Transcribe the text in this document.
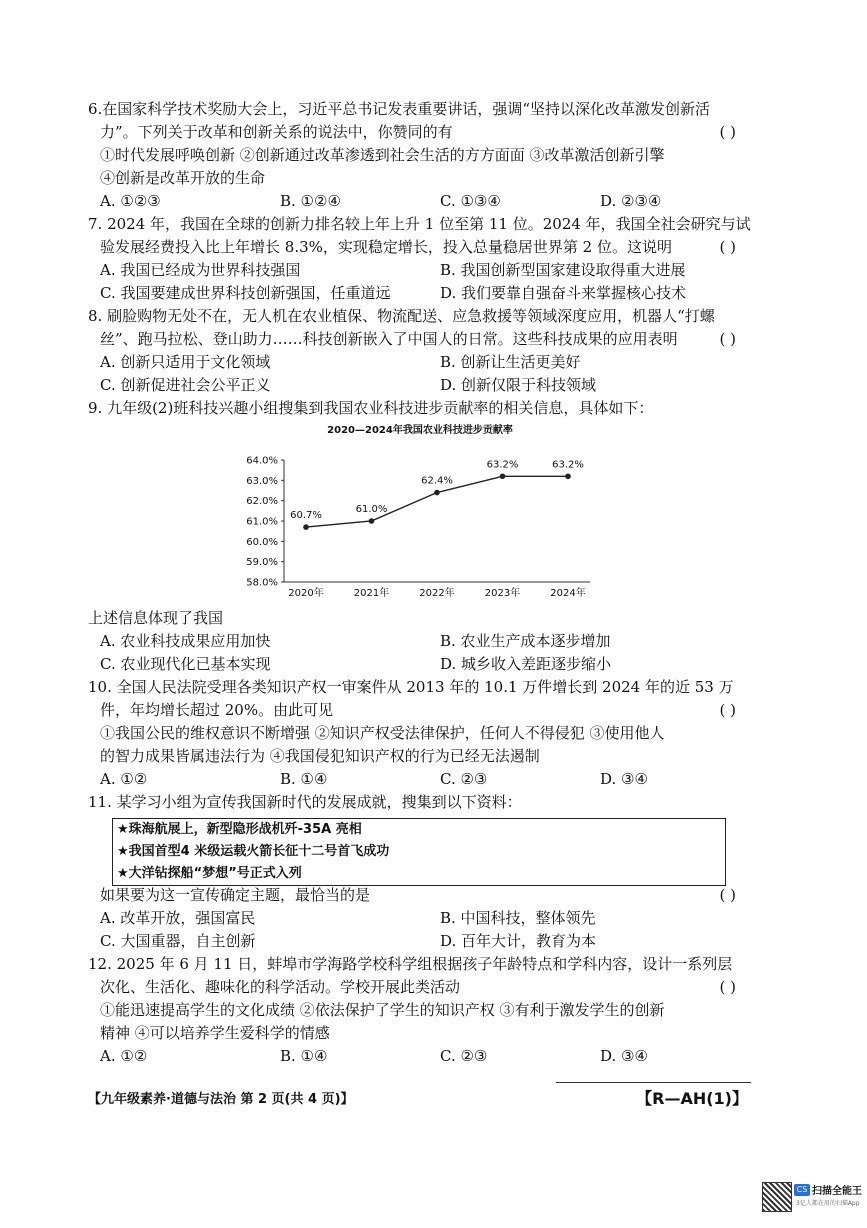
6.在国家科学技术奖励大会上，习近平总书记发表重要讲话，强调“坚持以深化改革激发创新活
力”。下列关于改革和创新关系的说法中，你赞同的有	( )
①时代发展呼唤创新 ②创新通过改革渗透到社会生活的方方面面 ③改革激活创新引擎
④创新是改革开放的生命
A. ①②③	B. ①②④	C. ①③④	D. ②③④
7. 2024 年，我国在全球的创新力排名较上年上升 1 位至第 11 位。2024 年，我国全社会研究与试
验发展经费投入比上年增长 8.3%，实现稳定增长，投入总量稳居世界第 2 位。这说明	( )
A. 我国已经成为世界科技强国	B. 我国创新型国家建设取得重大进展
C. 我国要建成世界科技创新强国，任重道远	D. 我们要靠自强奋斗来掌握核心技术
8. 刷脸购物无处不在，无人机在农业植保、物流配送、应急救援等领域深度应用，机器人“打螺
丝”、跑马拉松、登山助力……科技创新嵌入了中国人的日常。这些科技成果的应用表明	( )
A. 创新只适用于文化领域	B. 创新让生活更美好
C. 创新促进社会公平正义	D. 创新仅限于科技领域
9. 九年级(2)班科技兴趣小组搜集到我国农业科技进步贡献率的相关信息，具体如下：
2020—2024年我国农业科技进步贡献率
58.0%
59.0%
60.0%
61.0%
62.0%
63.0%
64.0%
2020年	2021年	2022年	2023年	2024年
60.7%
61.0%
62.4%
63.2%	63.2%
上述信息体现了我国
A. 农业科技成果应用加快	B. 农业生产成本逐步增加
C. 农业现代化已基本实现	D. 城乡收入差距逐步缩小
10. 全国人民法院受理各类知识产权一审案件从 2013 年的 10.1 万件增长到 2024 年的近 53 万
件，年均增长超过 20%。由此可见	( )
①我国公民的维权意识不断增强 ②知识产权受法律保护，任何人不得侵犯 ③使用他人
的智力成果皆属违法行为 ④我国侵犯知识产权的行为已经无法遏制
A. ①②	B. ①④	C. ②③	D. ③④
11. 某学习小组为宣传我国新时代的发展成就，搜集到以下资料：
★珠海航展上，新型隐形战机歼-35A 亮相
★我国首型4 米级运载火箭长征十二号首飞成功
★大洋钻探船“梦想”号正式入列
如果要为这一宣传确定主题，最恰当的是	( )
A. 改革开放，强国富民	B. 中国科技，整体领先
C. 大国重器，自主创新	D. 百年大计，教育为本
12. 2025 年 6 月 11 日，蚌埠市学海路学校科学组根据孩子年龄特点和学科内容，设计一系列层
次化、生活化、趣味化的科学活动。学校开展此类活动	( )
①能迅速提高学生的文化成绩 ②依法保护了学生的知识产权 ③有利于激发学生的创新
精神 ④可以培养学生爱科学的情感
A. ①②	B. ①④	C. ②③	D. ③④
【九年级素养·道德与法治 第 2 页(共 4 页)】	【R—AH(1)】
CS 扫描全能王
3亿人都在用的扫描App
